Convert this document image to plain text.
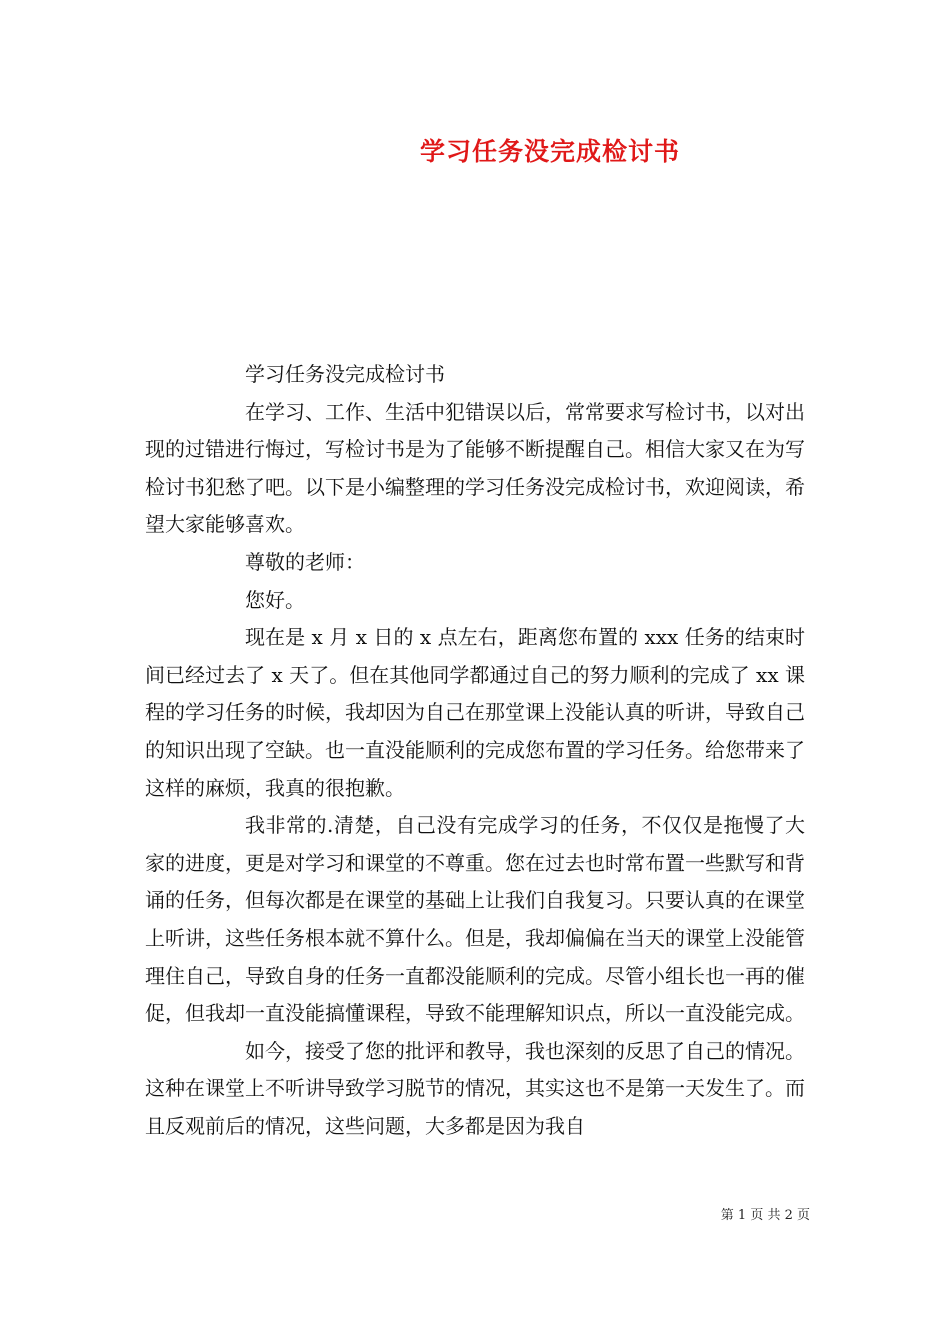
学习任务没完成检讨书

学习任务没完成检讨书

在学习、工作、生活中犯错误以后，常常要求写检讨书，以对出现的过错进行悔过，写检讨书是为了能够不断提醒自己。相信大家又在为写检讨书犯愁了吧。以下是小编整理的学习任务没完成检讨书，欢迎阅读，希望大家能够喜欢。

尊敬的老师：

您好。

现在是 x 月 x 日的 x 点左右，距离您布置的 xxx 任务的结束时间已经过去了 x 天了。但在其他同学都通过自己的努力顺利的完成了 xx 课程的学习任务的时候，我却因为自己在那堂课上没能认真的听讲，导致自己的知识出现了空缺。也一直没能顺利的完成您布置的学习任务。给您带来了这样的麻烦，我真的很抱歉。

我非常的.清楚，自己没有完成学习的任务，不仅仅是拖慢了大家的进度，更是对学习和课堂的不尊重。您在过去也时常布置一些默写和背诵的任务，但每次都是在课堂的基础上让我们自我复习。只要认真的在课堂上听讲，这些任务根本就不算什么。但是，我却偏偏在当天的课堂上没能管理住自己，导致自身的任务一直都没能顺利的完成。尽管小组长也一再的催促，但我却一直没能搞懂课程，导致不能理解知识点，所以一直没能完成。

如今，接受了您的批评和教导，我也深刻的反思了自己的情况。这种在课堂上不听讲导致学习脱节的情况，其实这也不是第一天发生了。而且反观前后的情况，这些问题，大多都是因为我自

第 1 页 共 2 页
